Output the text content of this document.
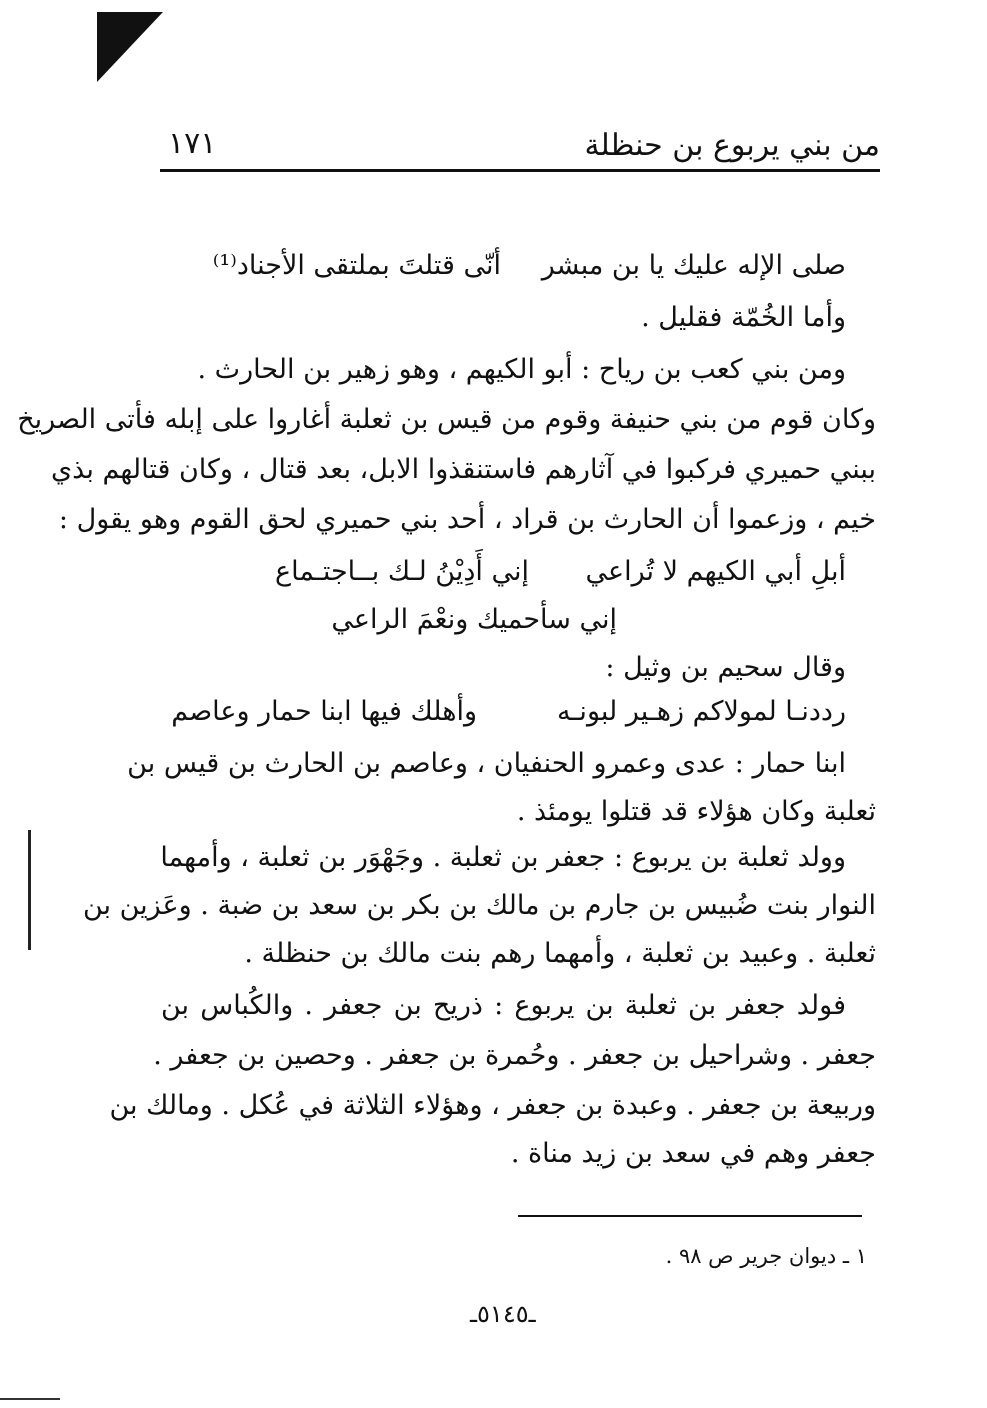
من بني يربوع بن حنظلة
١٧١
صلى الإله عليك يا بن مبشر
أنّى قتلتَ بملتقى الأجناد⁽¹⁾
وأما الخُمّة فقليل .
ومن بني كعب بن رياح : أبو الكيهم ، وهو زهير بن الحارث .
وكان قوم من بني حنيفة وقوم من قيس بن ثعلبة أغاروا على إبله فأتى الصريخ
ببني حميري فركبوا في آثارهم فاستنقذوا الابل، بعد قتال ، وكان قتالهم بذي
خيم ، وزعموا أن الحارث بن قراد ، أحد بني حميري لحق القوم وهو يقول :
أبلِ أبي الكيهم لا تُراعي
إني أَدِيْنُ لـك بــاجتـماع
إني سأحميك ونعْمَ الراعي
وقال سحيم بن وثيل :
رددنـا لمولاكم زهـير لبونـه
وأهلك فيها ابنا حمار وعاصم
ابنا حمار : عدى وعمرو الحنفيان ، وعاصم بن الحارث بن قيس بن
ثعلبة وكان هؤلاء قد قتلوا يومئذ .
وولد ثعلبة بن يربوع : جعفر بن ثعلبة . وجَهْوَر بن ثعلبة ، وأمهما
النوار بنت ضُبيس بن جارم بن مالك بن بكر بن سعد بن ضبة . وعَزين بن
ثعلبة . وعبيد بن ثعلبة ، وأمهما رهم بنت مالك بن حنظلة .
فولد جعفر بن ثعلبة بن يربوع : ذريح بن جعفر . والكُباس بن
جعفر . وشراحيل بن جعفر . وحُمرة بن جعفر . وحصين بن جعفر .
وربيعة بن جعفر . وعبدة بن جعفر ، وهؤلاء الثلاثة في عُكل . ومالك بن
جعفر وهم في سعد بن زيد مناة .
١ ـ ديوان جرير ص ٩٨ .
ـ٥١٤٥ـ
